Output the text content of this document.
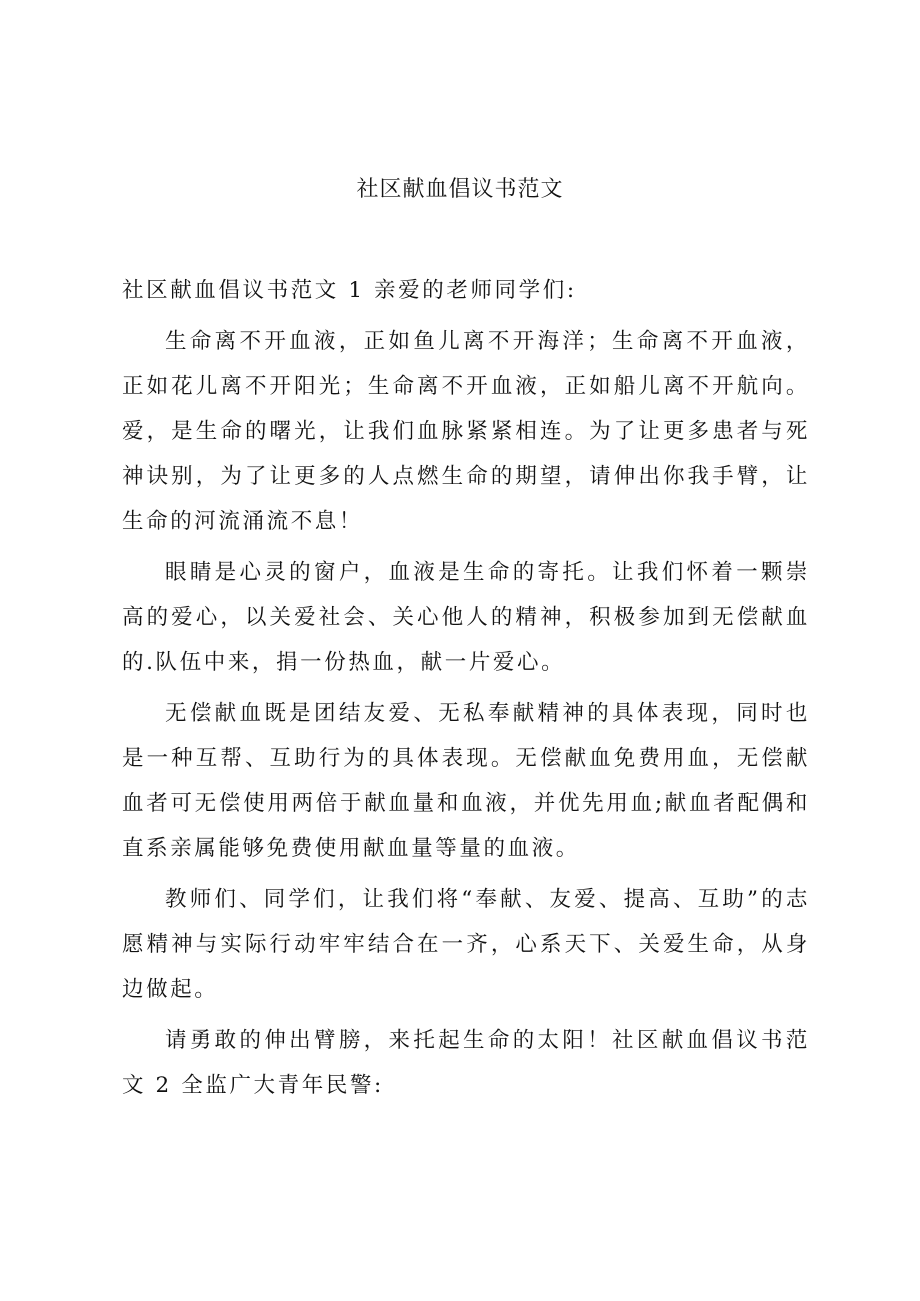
社区献血倡议书范文

社区献血倡议书范文 1 亲爱的老师同学们:

生命离不开血液，正如鱼儿离不开海洋；生命离不开血液，正如花儿离不开阳光；生命离不开血液，正如船儿离不开航向。爱，是生命的曙光，让我们血脉紧紧相连。为了让更多患者与死神诀别，为了让更多的人点燃生命的期望，请伸出你我手臂，让生命的河流涌流不息！

眼睛是心灵的窗户，血液是生命的寄托。让我们怀着一颗崇高的爱心，以关爱社会、关心他人的精神，积极参加到无偿献血的.队伍中来，捐一份热血，献一片爱心。

无偿献血既是团结友爱、无私奉献精神的具体表现，同时也是一种互帮、互助行为的具体表现。无偿献血免费用血，无偿献血者可无偿使用两倍于献血量和血液，并优先用血;献血者配偶和直系亲属能够免费使用献血量等量的血液。

教师们、同学们，让我们将“奉献、友爱、提高、互助”的志愿精神与实际行动牢牢结合在一齐，心系天下、关爱生命，从身边做起。

请勇敢的伸出臂膀，来托起生命的太阳！社区献血倡议书范文 2 全监广大青年民警:
